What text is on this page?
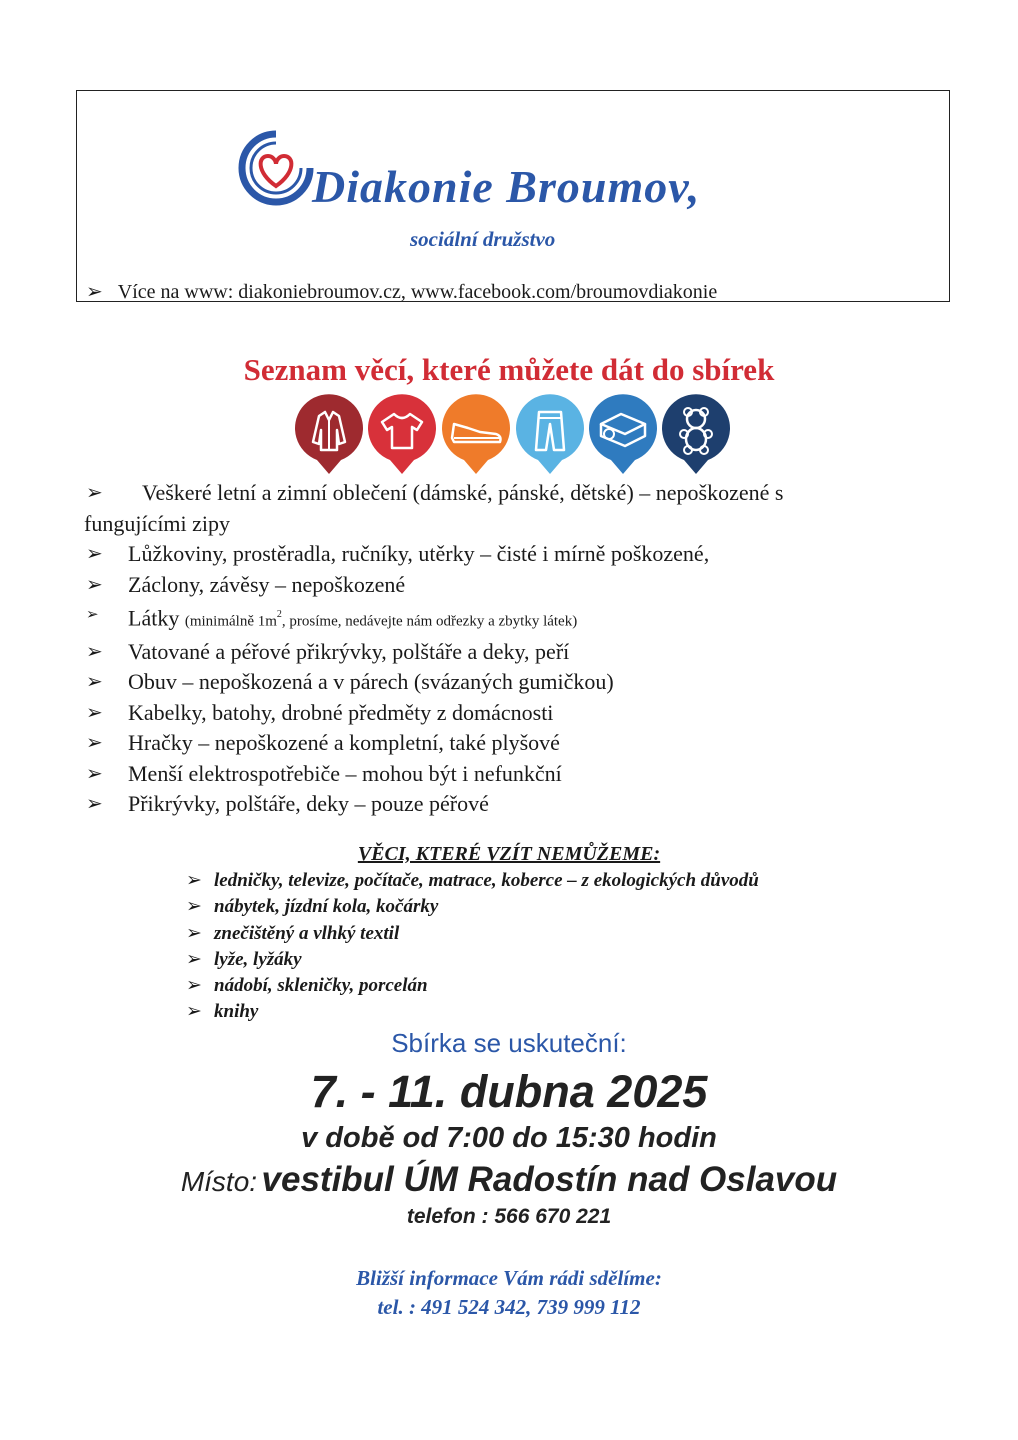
Diakonie Broumov,
sociální družstvo
➢   Více na www: diakoniebroumov.cz, www.facebook.com/broumovdiakonie
Seznam věcí, které můžete dát do sbírek
➢	Veškeré letní a zimní oblečení (dámské, pánské, dětské) – nepoškozené s
fungujícími zipy
➢	Lůžkoviny, prostěradla, ručníky, utěrky – čisté i mírně poškozené,
➢	Záclony, závěsy – nepoškozené
➢	Látky (minimálně $1m^2$, prosíme, nedávejte nám odřezky a zbytky látek)
➢	Vatované a péřové přikrývky, polštáře a deky, peří
➢	Obuv – nepoškozená a v párech (svázaných gumičkou)
➢	Kabelky, batohy, drobné předměty z domácnosti
➢	Hračky – nepoškozené a kompletní, také plyšové
➢	Menší elektrospotřebiče – mohou být i nefunkční
➢	Přikrývky, polštáře, deky – pouze péřové
VĚCI, KTERÉ VZÍT NEMŮŽEME:
➢ ledničky, televize, počítače, matrace, koberce – z ekologických důvodů
➢ nábytek, jízdní kola, kočárky
➢ znečištěný a vlhký textil
➢ lyže, lyžáky
➢ nádobí, skleničky, porcelán
➢ knihy
Sbírka se uskuteční:
7. - 11. dubna 2025
v době od 7:00 do 15:30 hodin
Místo: vestibul ÚM Radostín nad Oslavou
telefon : 566 670 221
Bližší informace Vám rádi sdělíme:
tel. : 491 524 342, 739 999 112
